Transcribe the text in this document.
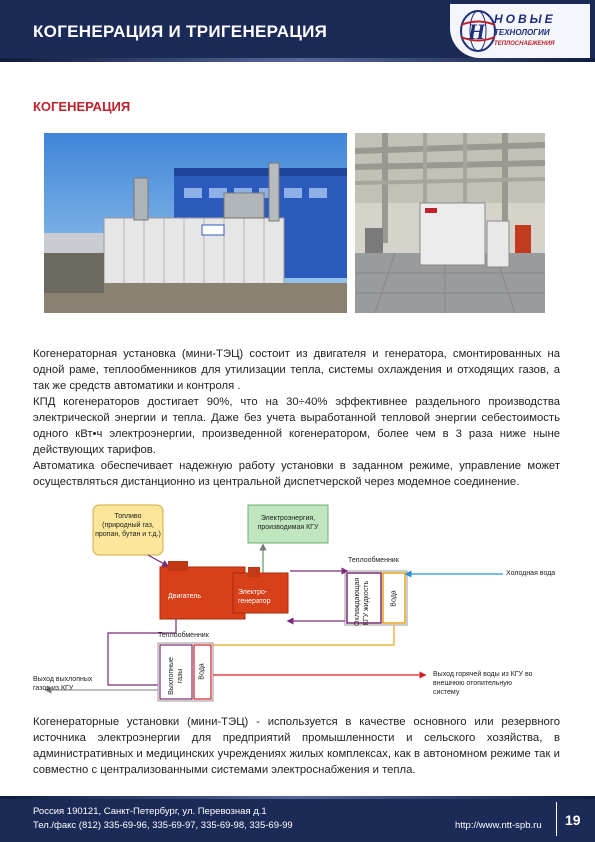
КОГЕНЕРАЦИЯ И ТРИГЕНЕРАЦИЯ	Н НОВЫЕ
ТЕХНОЛОГИИ
ТЕПЛОСНАБЖЕНИЯ
КОГЕНЕРАЦИЯ

Когенераторная установка (мини-ТЭЦ) состоит из двигателя и генератора, смонтированных на одной раме, теплообменников для утилизации тепла, системы охлаждения и отходящих газов, а так же средств автоматики и контроля .

КПД когенераторов достигает 90%, что на 30÷40% эффективнее раздельного производства электрической энергии и тепла. Даже без учета выработанной тепловой энергии себестоимость одного кВт•ч электроэнергии, произведенной когенератором, более чем в 3 раза ниже ныне действующих тарифов.

Автоматика обеспечивает надежную работу установки в заданном режиме, управление может осуществляться дистанционно из центральной диспетчерской через модемное соединение.

Топливо (природный газ, пропан, бутан и т.д.)
Электроэнергия, производимая КГУ
Двигатель
Электро-генератор
Теплообменник
Охлаждающая КГУ жидкость	Вода
Холодная вода
Теплообменник
Выхлопные газы Вода
Выход выхлопных газов из КГУ
Выход горячей воды из КГУ во внешнюю отопительную систему
Когенераторные установки (мини-ТЭЦ) - используется в качестве основного или резервного источника электроэнергии для предприятий промышленности и сельского хозяйства, в административных и медицинских учреждениях жилых комплексах, как в автономном режиме так и совместно с централизованными системами электроснабжения и тепла.
Россия 190121, Санкт-Петербург, ул. Перевозная д.1
Тел./факс (812) 335-69-96, 335-69-97, 335-69-98, 335-69-99	http://www.ntt-spb.ru 19
